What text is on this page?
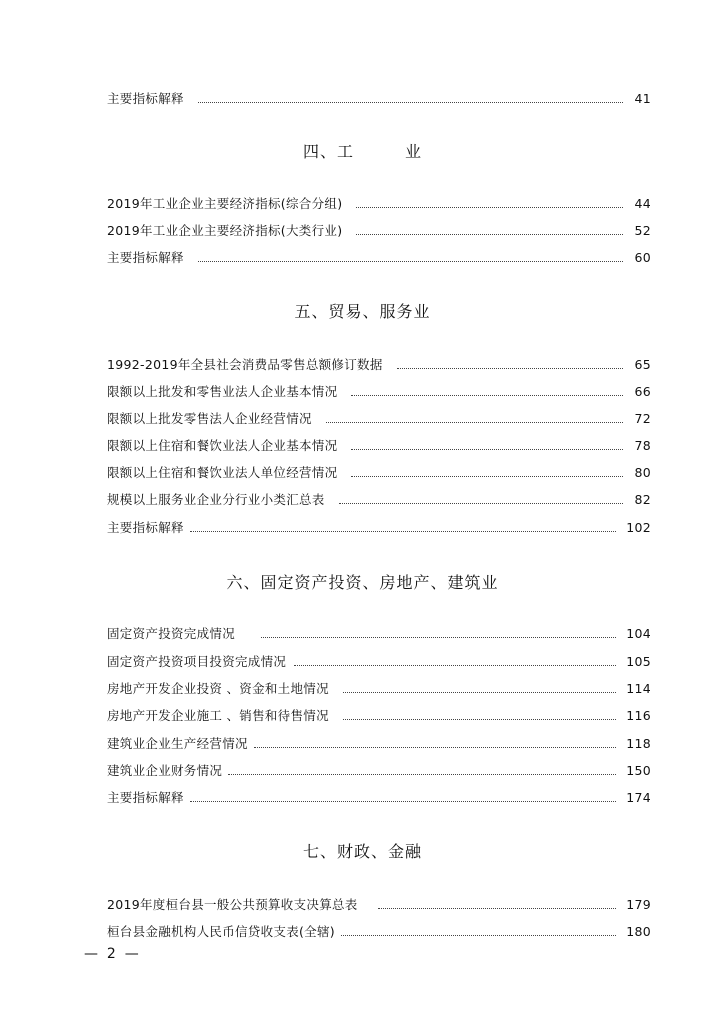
主要指标解释	41
四、工　　　业
2019年工业企业主要经济指标(综合分组)	44
2019年工业企业主要经济指标(大类行业)	52
主要指标解释	60
五、贸易、服务业
1992-2019年全县社会消费品零售总额修订数据	65
限额以上批发和零售业法人企业基本情况	66
限额以上批发零售法人企业经营情况	72
限额以上住宿和餐饮业法人企业基本情况	78
限额以上住宿和餐饮业法人单位经营情况	80
规模以上服务业企业分行业小类汇总表	82
主要指标解释	102
六、固定资产投资、房地产、建筑业
固定资产投资完成情况	104
固定资产投资项目投资完成情况	105
房地产开发企业投资 、资金和土地情况	114
房地产开发企业施工 、销售和待售情况	116
建筑业企业生产经营情况	118
建筑业企业财务情况	150
主要指标解释	174
七、财政、金融
2019年度桓台县一般公共预算收支决算总表	179
桓台县金融机构人民币信贷收支表(全辖)	180
—  2  —
